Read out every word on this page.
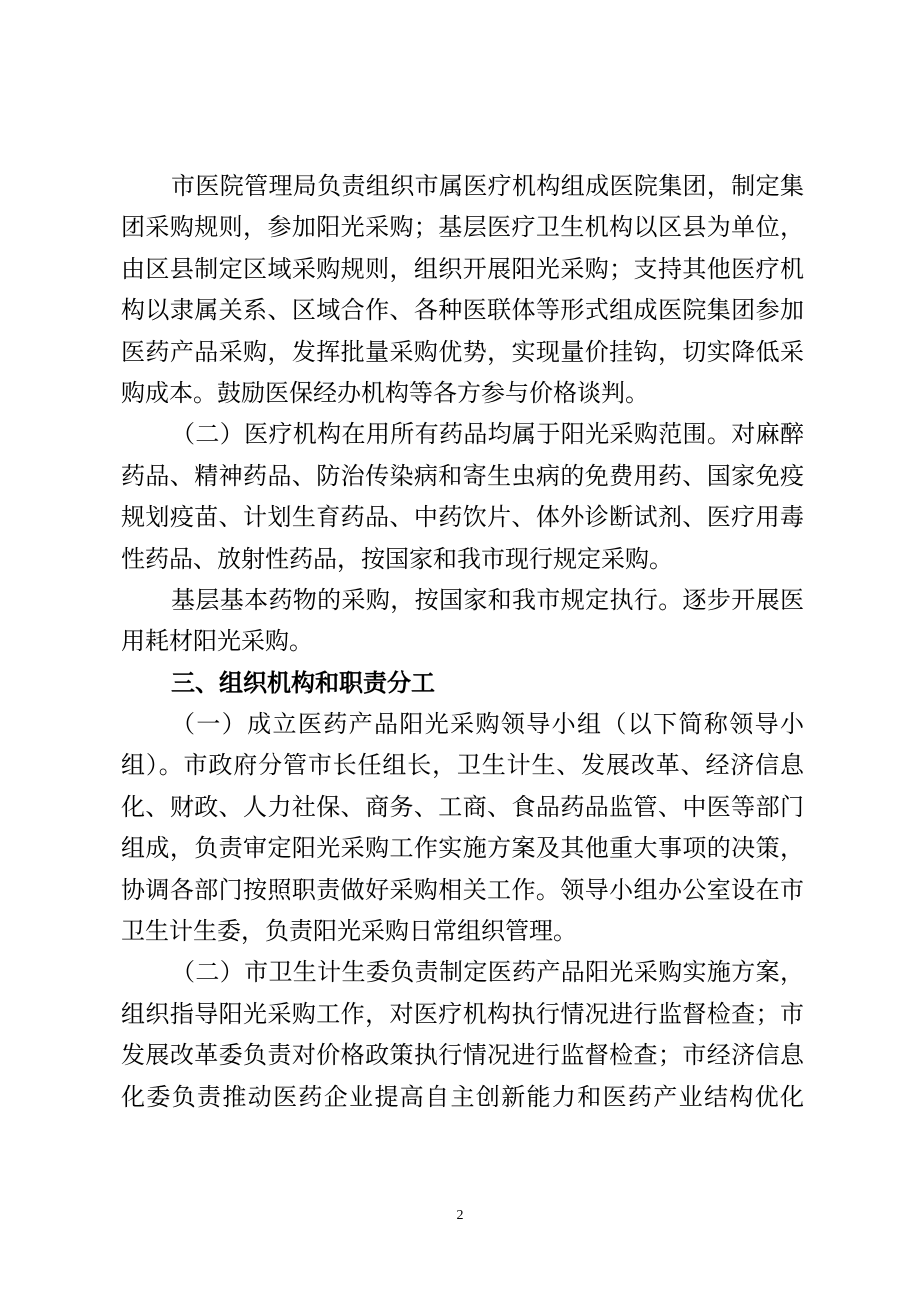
市医院管理局负责组织市属医疗机构组成医院集团，制定集
团采购规则，参加阳光采购；基层医疗卫生机构以区县为单位，
由区县制定区域采购规则，组织开展阳光采购；支持其他医疗机
构以隶属关系、区域合作、各种医联体等形式组成医院集团参加
医药产品采购，发挥批量采购优势，实现量价挂钩，切实降低采
购成本。鼓励医保经办机构等各方参与价格谈判。
（二）医疗机构在用所有药品均属于阳光采购范围。对麻醉
药品、精神药品、防治传染病和寄生虫病的免费用药、国家免疫
规划疫苗、计划生育药品、中药饮片、体外诊断试剂、医疗用毒
性药品、放射性药品，按国家和我市现行规定采购。
基层基本药物的采购，按国家和我市规定执行。逐步开展医
用耗材阳光采购。
三、组织机构和职责分工
（一）成立医药产品阳光采购领导小组（以下简称领导小
组）。市政府分管市长任组长，卫生计生、发展改革、经济信息
化、财政、人力社保、商务、工商、食品药品监管、中医等部门
组成，负责审定阳光采购工作实施方案及其他重大事项的决策，
协调各部门按照职责做好采购相关工作。领导小组办公室设在市
卫生计生委，负责阳光采购日常组织管理。
（二）市卫生计生委负责制定医药产品阳光采购实施方案，
组织指导阳光采购工作，对医疗机构执行情况进行监督检查；市
发展改革委负责对价格政策执行情况进行监督检查；市经济信息
化委负责推动医药企业提高自主创新能力和医药产业结构优化
2
